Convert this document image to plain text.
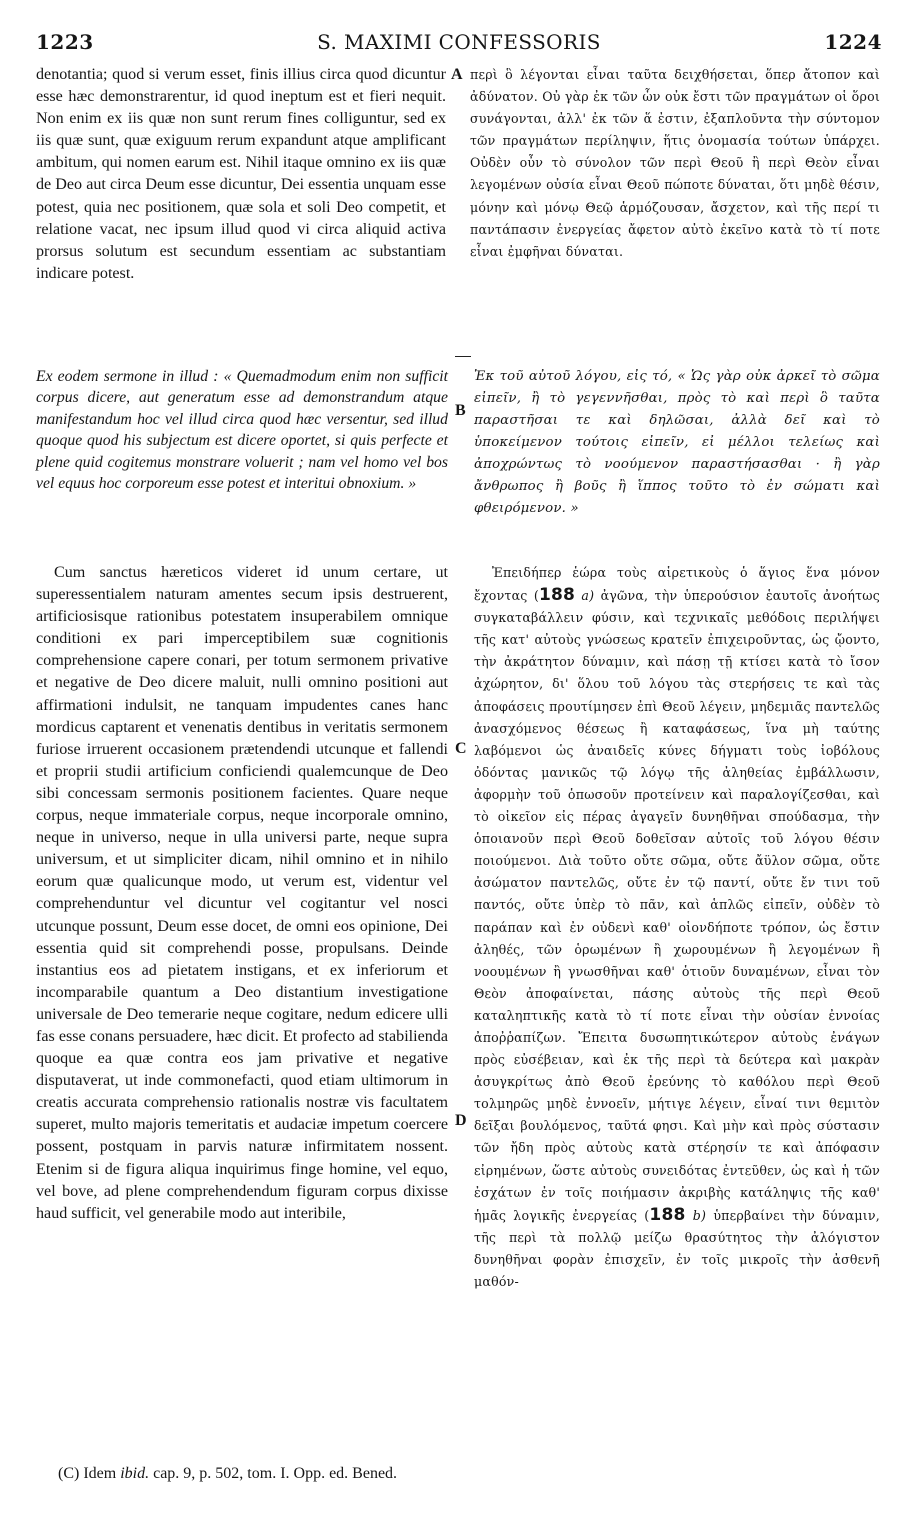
1223	S. MAXIMI CONFESSORIS	1224
A
B
C
D
denotantia; quod si verum esset, finis illius circa quod dicuntur esse hæc demonstrarentur, id quod ineptum est et fieri nequit. Non enim ex iis quæ non sunt rerum fines colliguntur, sed ex iis quæ sunt, quæ exiguum rerum expandunt atque amplificant ambitum, qui nomen earum est. Nihil itaque omnino ex iis quæ de Deo aut circa Deum esse dicuntur, Dei essentia unquam esse potest, quia nec positionem, quæ sola et soli Deo competit, et relatione vacat, nec ipsum illud quod vi circa aliquid activa prorsus solutum est secundum essentiam ac substantiam indicare potest.
περὶ ὃ λέγονται εἶναι ταῦτα δειχθήσεται, ὅπερ ἄτοπον καὶ ἀδύνατον. Οὐ γὰρ ἐκ τῶν ὧν οὐκ ἔστι τῶν πραγμάτων οἱ ὅροι συνάγονται, ἀλλ' ἐκ τῶν ἅ ἐστιν, ἐξαπλοῦντα τὴν σύντομον τῶν πραγμάτων περίληψιν, ἥτις ὀνομασία τούτων ὑπάρχει. Οὐδὲν οὖν τὸ σύνολον τῶν περὶ Θεοῦ ἢ περὶ Θεὸν εἶναι λεγομένων οὐσία εἶναι Θεοῦ πώποτε δύναται, ὅτι μηδὲ θέσιν, μόνην καὶ μόνῳ Θεῷ ἁρμόζουσαν, ἄσχετον, καὶ τῆς περί τι παντάπασιν ἐνεργείας ἄφετον αὐτὸ ἐκεῖνο κατὰ τὸ τί ποτε εἶναι ἐμφῆναι δύναται.
Ex eodem sermone in illud : « Quemadmodum enim non sufficit corpus dicere, aut generatum esse ad demonstrandum atque manifestandum hoc vel illud circa quod hæc versentur, sed illud quoque quod his subjectum est dicere oportet, si quis perfecte et plene quid cogitemus monstrare voluerit ; nam vel homo vel bos vel equus hoc corporeum esse potest et interitui obnoxium. »
Ἐκ τοῦ αὐτοῦ λόγου, εἰς τό, « Ὡς γὰρ οὐκ ἀρκεῖ τὸ σῶμα εἰπεῖν, ἢ τὸ γεγεννῆσθαι, πρὸς τὸ καὶ περὶ ὃ ταῦτα παραστῆσαι τε καὶ δηλῶσαι, ἀλλὰ δεῖ καὶ τὸ ὑποκείμενον τούτοις εἰπεῖν, εἰ μέλλοι τελείως καὶ ἀποχρώντως τὸ νοούμενον παραστήσασθαι · ἢ γὰρ ἄνθρωπος ἢ βοῦς ἢ ἵππος τοῦτο τὸ ἐν σώματι καὶ φθειρόμενον. »
Cum sanctus hæreticos videret id unum certare, ut superessentialem naturam amentes secum ipsis destruerent, artificiosisque rationibus potestatem insuperabilem omnique conditioni ex pari imperceptibilem suæ cognitionis comprehensione capere conari, per totum sermonem privative et negative de Deo dicere maluit, nulli omnino positioni aut affirmationi indulsit, ne tanquam impudentes canes hanc mordicus captarent et venenatis dentibus in veritatis sermonem furiose irruerent occasionem prætendendi utcunque et fallendi et proprii studii artificium conficiendi qualemcunque de Deo sibi concessam sermonis positionem facientes. Quare neque corpus, neque immateriale corpus, neque incorporale omnino, neque in universo, neque in ulla universi parte, neque supra universum, et ut simpliciter dicam, nihil omnino et in nihilo eorum quæ qualicunque modo, ut verum est, videntur vel comprehenduntur vel dicuntur vel cogitantur vel nosci utcunque possunt, Deum esse docet, de omni eos opinione, Dei essentia quid sit comprehendi posse, propulsans. Deinde instantius eos ad pietatem instigans, et ex inferiorum et incomparabile quantum a Deo distantium investigatione universale de Deo temerarie neque cogitare, nedum edicere ulli fas esse conans persuadere, hæc dicit. Et profecto ad stabilienda quoque ea quæ contra eos jam privative et negative disputaverat, ut inde commonefacti, quod etiam ultimorum in creatis accurata comprehensio rationalis nostræ vis facultatem superet, multo majoris temeritatis et audaciæ impetum coercere possent, postquam in parvis naturæ infirmitatem nossent. Etenim si de figura aliqua inquirimus finge homine, vel equo, vel bove, ad plene comprehendendum figuram corpus dixisse haud sufficit, vel generabile modo aut interibile,
Ἐπειδήπερ ἑώρα τοὺς αἱρετικοὺς ὁ ἅγιος ἕνα μόνον ἔχοντας (188 a) ἀγῶνα, τὴν ὑπερούσιον ἑαυτοῖς ἀνοήτως συγκαταβάλλειν φύσιν, καὶ τεχνικαῖς μεθόδοις περιλήψει τῆς κατ' αὐτοὺς γνώσεως κρατεῖν ἐπιχειροῦντας, ὡς ᾤοντο, τὴν ἀκράτητον δύναμιν, καὶ πάσῃ τῇ κτίσει κατὰ τὸ ἴσον ἀχώρητον, δι' ὅλου τοῦ λόγου τὰς στερήσεις τε καὶ τὰς ἀποφάσεις προυτίμησεν ἐπὶ Θεοῦ λέγειν, μηδεμιᾶς παντελῶς ἀνασχόμενος θέσεως ἢ καταφάσεως, ἵνα μὴ ταύτης λαβόμενοι ὡς ἀναιδεῖς κύνες δήγματι τοὺς ἰοβόλους ὀδόντας μανικῶς τῷ λόγῳ τῆς ἀληθείας ἐμβάλλωσιν, ἀφορμὴν τοῦ ὁπωσοῦν προτείνειν καὶ παραλογίζεσθαι, καὶ τὸ οἰκεῖον εἰς πέρας ἀγαγεῖν δυνηθῆναι σπούδασμα, τὴν ὁποιανοῦν περὶ Θεοῦ δοθεῖσαν αὐτοῖς τοῦ λόγου θέσιν ποιούμενοι. Διὰ τοῦτο οὔτε σῶμα, οὔτε ἄϋλον σῶμα, οὔτε ἀσώματον παντελῶς, οὔτε ἐν τῷ παντί, οὔτε ἔν τινι τοῦ παντός, οὔτε ὑπὲρ τὸ πᾶν, καὶ ἁπλῶς εἰπεῖν, οὐδὲν τὸ παράπαν καὶ ἐν οὐδενὶ καθ' οἱονδήποτε τρόπον, ὡς ἔστιν ἀληθές, τῶν ὁρωμένων ἢ χωρουμένων ἢ λεγομένων ἢ νοουμένων ἢ γνωσθῆναι καθ' ὁτιοῦν δυναμένων, εἶναι τὸν Θεὸν ἀποφαίνεται, πάσης αὐτοὺς τῆς περὶ Θεοῦ καταληπτικῆς κατὰ τὸ τί ποτε εἶναι τὴν οὐσίαν ἐννοίας ἀποῤῥαπίζων. Ἔπειτα δυσωπητικώτερον αὐτοὺς ἐνάγων πρὸς εὐσέβειαν, καὶ ἐκ τῆς περὶ τὰ δεύτερα καὶ μακρὰν ἀσυγκρίτως ἀπὸ Θεοῦ ἐρεύνης τὸ καθόλου περὶ Θεοῦ τολμηρῶς μηδὲ ἐννοεῖν, μήτιγε λέγειν, εἶναί τινι θεμιτὸν δεῖξαι βουλόμενος, ταῦτά φησι. Καὶ μὴν καὶ πρὸς σύστασιν τῶν ἤδη πρὸς αὐτοὺς κατὰ στέρησίν τε καὶ ἀπόφασιν εἰρημένων, ὥστε αὐτοὺς συνειδότας ἐντεῦθεν, ὡς καὶ ἡ τῶν ἐσχάτων ἐν τοῖς ποιήμασιν ἀκριβὴς κατάληψις τῆς καθ' ἡμᾶς λογικῆς ἐνεργείας (188 b) ὑπερβαίνει τὴν δύναμιν, τῆς περὶ τὰ πολλῷ μείζω θρασύτητος τὴν ἀλόγιστον δυνηθῆναι φορὰν ἐπισχεῖν, ἐν τοῖς μικροῖς τὴν ἀσθενῆ μαθόν-
(C) Idem ibid. cap. 9, p. 502, tom. I. Opp. ed. Bened.
